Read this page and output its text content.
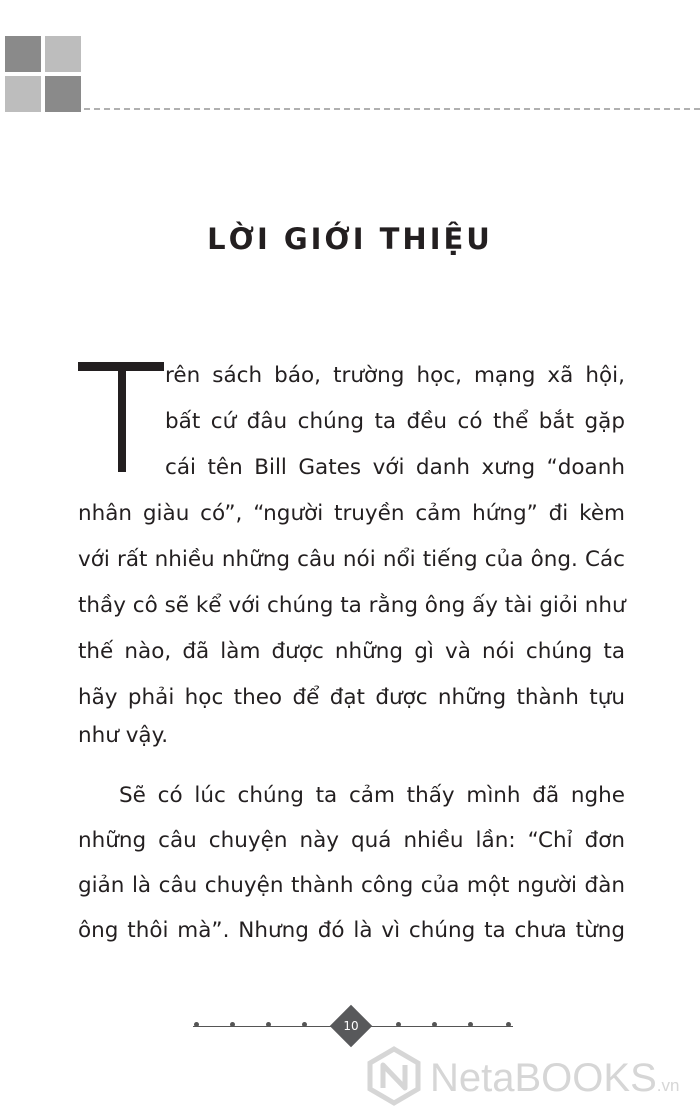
LỜI GIỚI THIỆU
rên sách báo, trường học, mạng xã hội,
bất cứ đâu chúng ta đều có thể bắt gặp
cái tên Bill Gates với danh xưng “doanh
nhân giàu có”, “người truyền cảm hứng” đi kèm
với rất nhiều những câu nói nổi tiếng của ông. Các
thầy cô sẽ kể với chúng ta rằng ông ấy tài giỏi như
thế nào, đã làm được những gì và nói chúng ta
hãy phải học theo để đạt được những thành tựu
như vậy.
Sẽ có lúc chúng ta cảm thấy mình đã nghe
những câu chuyện này quá nhiều lần: “Chỉ đơn
giản là câu chuyện thành công của một người đàn
ông thôi mà”. Nhưng đó là vì chúng ta chưa từng
10
NetaBOOKS.vn
